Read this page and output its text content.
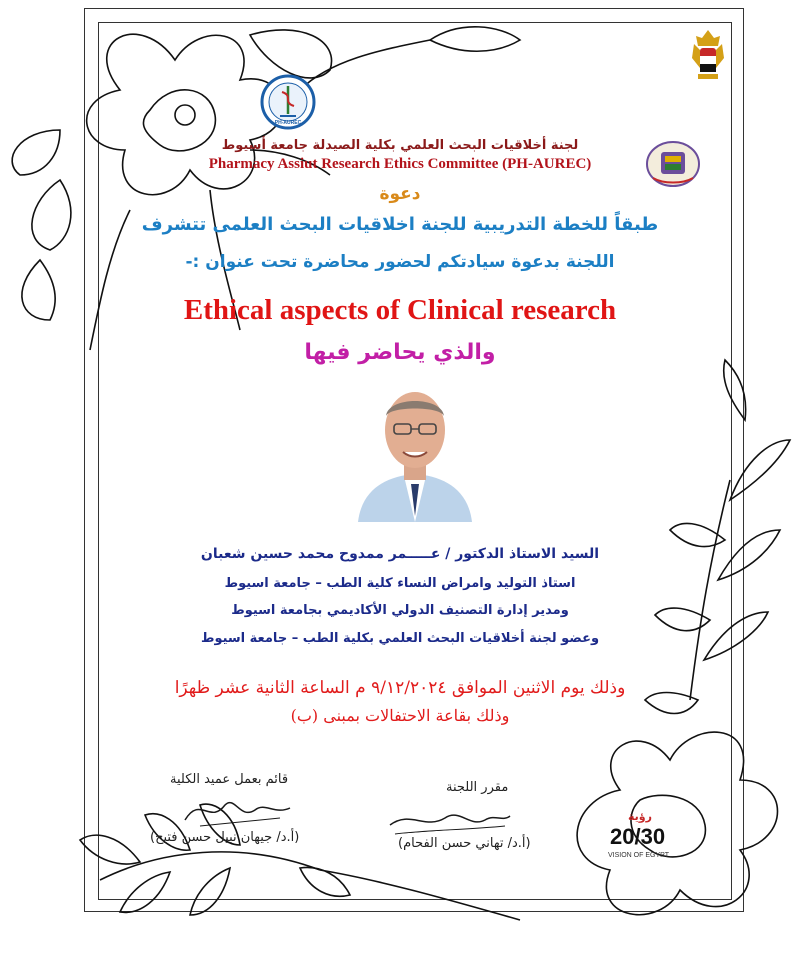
PH-AUREC
لجنة أخلاقيات البحث العلمي بكلية الصيدلة جامعة أسيوط
Pharmacy Assiut Research Ethics Committee (PH-AUREC)
دعوة
طبقاً للخطة التدريبية للجنة اخلاقيات البحث العلمى تتشرف
اللجنة بدعوة سيادتكم لحضور محاضرة تحت عنوان :-
Ethical aspects of Clinical research
والذي يحاضر فيها
السيد الاستاذ الدكتور / عـــــمر ممدوح محمد حسين شعبان
استاذ التوليد وامراض النساء كلية الطب – جامعة اسيوط
ومدير إدارة التصنيف الدولي الأكاديمي بجامعة اسيوط
وعضو لجنة أخلاقيات البحث العلمي بكلية الطب – جامعة اسيوط
وذلك يوم الاثنين الموافق ٩/١٢/٢٠٢٤ م الساعة الثانية عشر ظهرًا
وذلك بقاعة الاحتفالات بمبنى (ب)
قائم بعمل عميد الكلية
(أ.د/ جيهان نبيل حسن فتيح)
مقرر اللجنة
(أ.د/ تهاني حسن الفحام)
رؤية
20/30
VISION OF EGYPT
